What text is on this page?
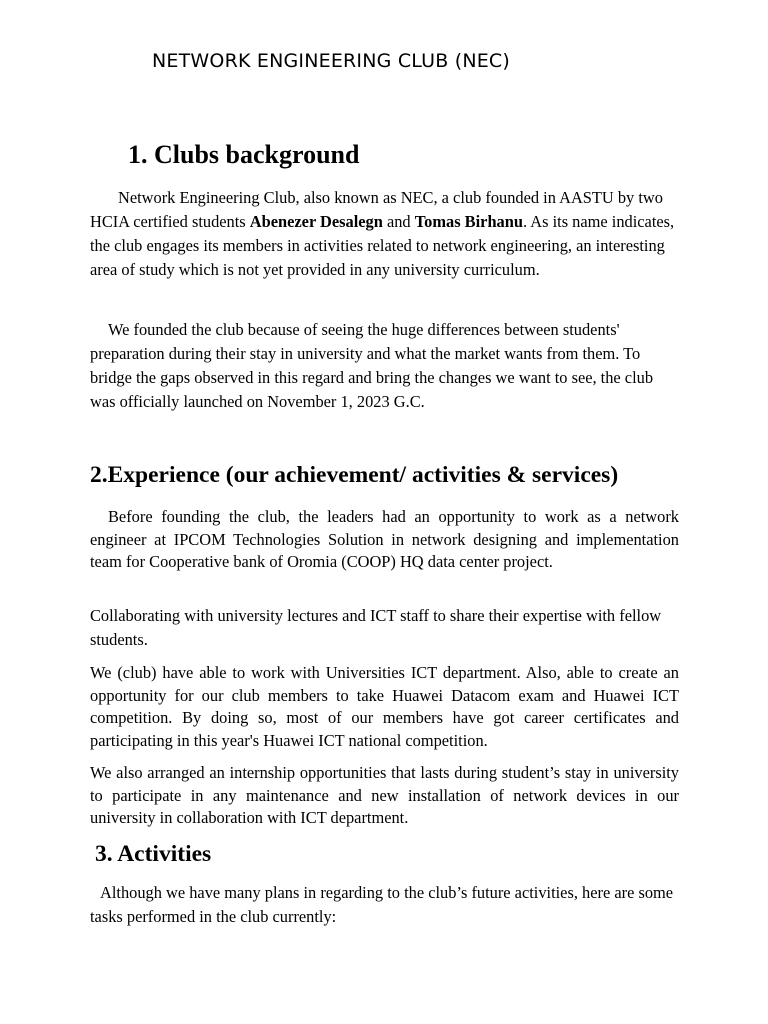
NETWORK ENGINEERING CLUB (NEC)
1. Clubs background

Network Engineering Club, also known as NEC, a club founded in AASTU by two HCIA certified students Abenezer Desalegn and Tomas Birhanu. As its name indicates, the club engages its members in activities related to network engineering, an interesting area of study which is not yet provided in any university curriculum.

We founded the club because of seeing the huge differences between students' preparation during their stay in university and what the market wants from them. To bridge the gaps observed in this regard and bring the changes we want to see, the club was officially launched on November 1, 2023 G.C.

2.Experience (our achievement/ activities & services)

Before founding the club, the leaders had an opportunity to work as a network engineer at IPCOM Technologies Solution in network designing and implementation team for Cooperative bank of Oromia (COOP) HQ data center project.

Collaborating with university lectures and ICT staff to share their expertise with fellow students.

We (club) have able to work with Universities ICT department. Also, able to create an opportunity for our club members to take Huawei Datacom exam and Huawei ICT competition. By doing so, most of our members have got career certificates and participating in this year's Huawei ICT national competition.

We also arranged an internship opportunities that lasts during student’s stay in university to participate in any maintenance and new installation of network devices in our university in collaboration with ICT department.

3. Activities

Although we have many plans in regarding to the club’s future activities, here are some tasks performed in the club currently:
